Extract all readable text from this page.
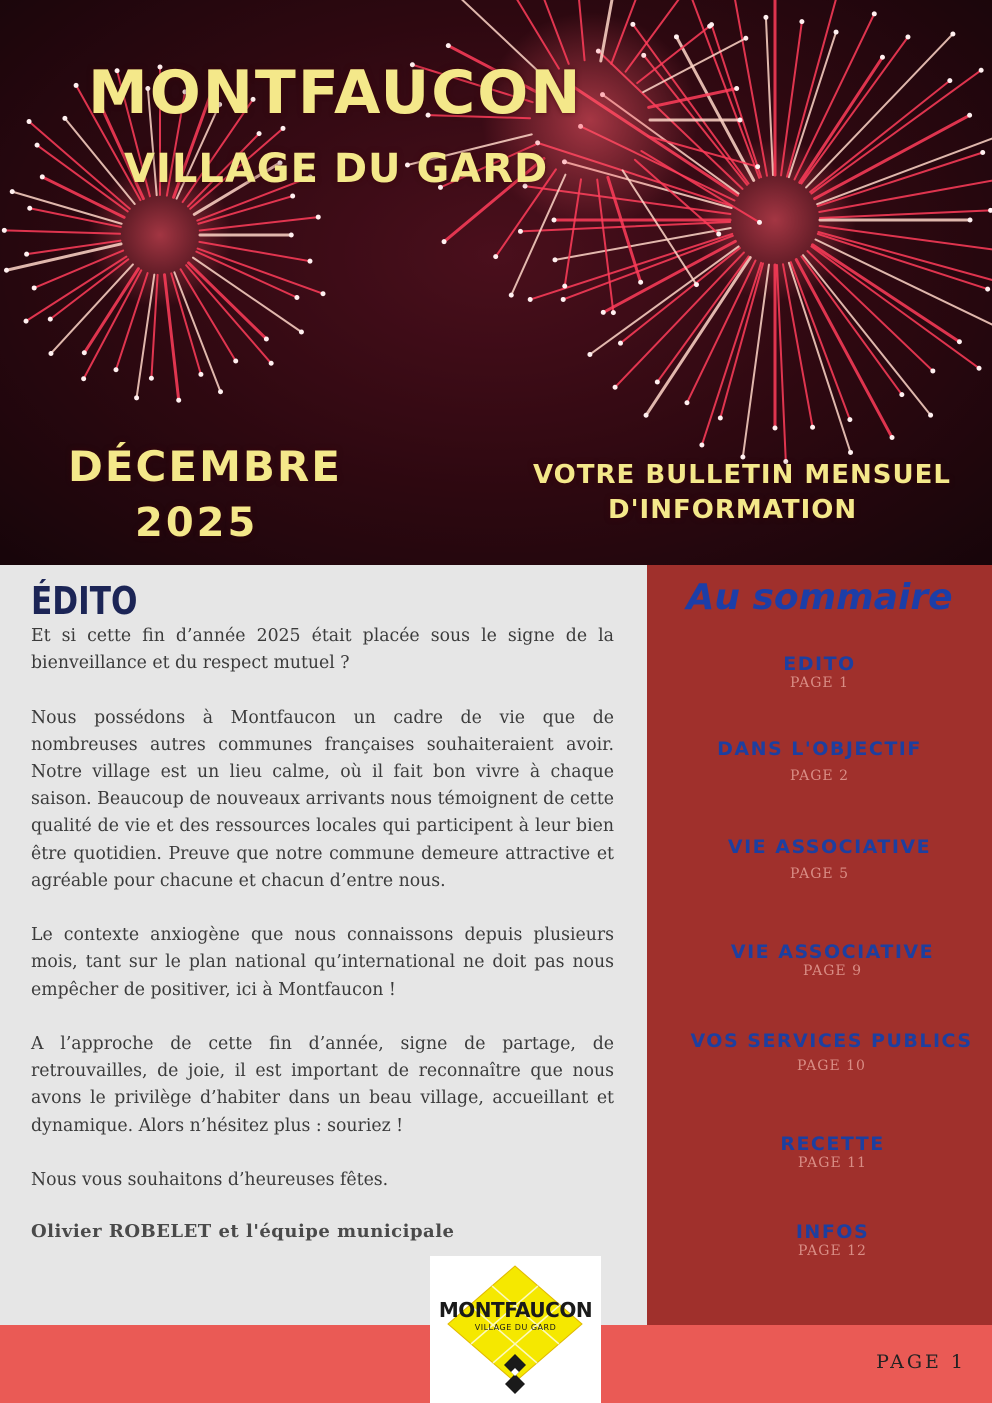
MONTFAUCON
VILLAGE DU GARD
DÉCEMBRE
2025
VOTRE BULLETIN MENSUEL
D'INFORMATION
ÉDITO

Et si cette fin d’année 2025 était placée sous le signe de la bienveillance et du respect mutuel ?

Nous possédons à Montfaucon un cadre de vie que de nombreuses autres communes françaises souhaiteraient avoir. Notre village est un lieu calme, où il fait bon vivre à chaque saison. Beaucoup de nouveaux arrivants nous témoignent de cette qualité de vie et des ressources locales qui participent à leur bien être quotidien. Preuve que notre commune demeure attractive et agréable pour chacune et chacun d’entre nous.

Le contexte anxiogène que nous connaissons depuis plusieurs mois, tant sur le plan national qu’international ne doit pas nous empêcher de positiver, ici à Montfaucon !

A l’approche de cette fin d’année, signe de partage, de retrouvailles, de joie, il est important de reconnaître que nous avons le privilège d’habiter dans un beau village, accueillant et dynamique. Alors n’hésitez plus : souriez !

Nous vous souhaitons d’heureuses fêtes.

Olivier ROBELET et l'équipe municipale

Au sommaire
EDITO
PAGE 1
DANS L'OBJECTIF
PAGE 2
VIE ASSOCIATIVE
PAGE 5
VIE ASSOCIATIVE
PAGE 9
VOS SERVICES PUBLICS
PAGE 10
RECETTE
PAGE 11
INFOS
PAGE 12

PAGE 1

MONTFAUCON

VILLAGE DU GARD
